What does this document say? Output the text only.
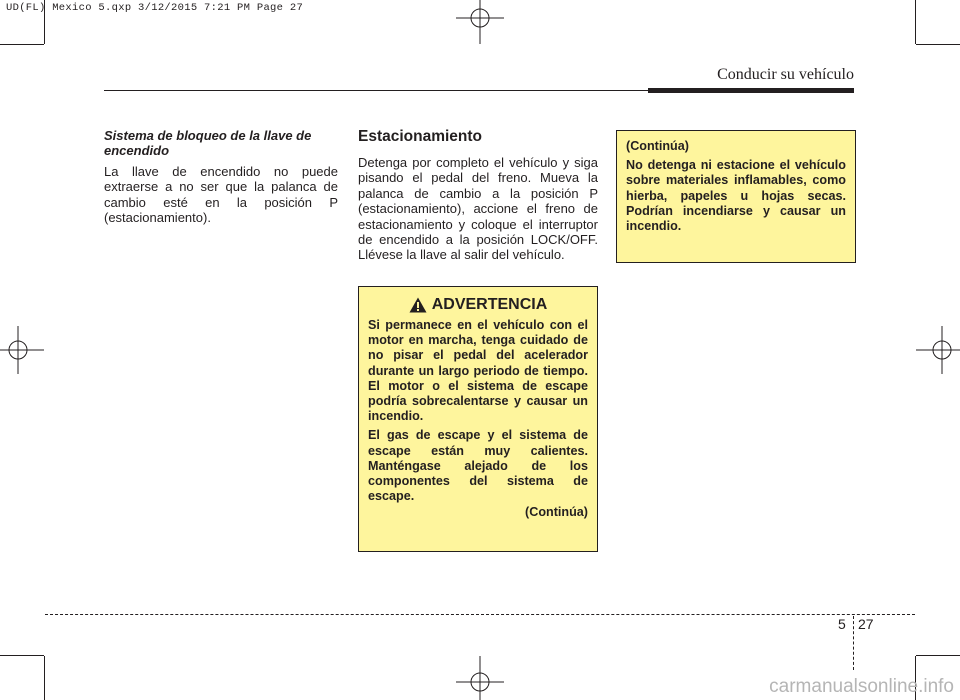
UD(FL) Mexico 5.qxp 3/12/2015 7:21 PM Page 27
Conducir su vehículo
Sistema de bloqueo de la llave de encendido

La llave de encendido no puede extraerse a no ser que la palanca de cambio esté en la posición P (estacionamiento).

Estacionamiento

Detenga por completo el vehículo y siga pisando el pedal del freno. Mueva la palanca de cambio a la posición P (estacionamiento), accione el freno de estacionamiento y coloque el interruptor de encendido a la posición LOCK/OFF. Llévese la llave al salir del vehículo.

ADVERTENCIA

Si permanece en el vehículo con el motor en marcha, tenga cuidado de no pisar el pedal del acelerador durante un largo periodo de tiempo. El motor o el sistema de escape podría sobrecalentarse y causar un incendio.

El gas de escape y el sistema de escape están muy calientes. Manténgase alejado de los componentes del sistema de escape.

(Continúa)
(Continúa)

No detenga ni estacione el vehículo sobre materiales inflamables, como hierba, papeles u hojas secas. Podrían incendiarse y causar un incendio.

5 27
carmanualsonline.info
